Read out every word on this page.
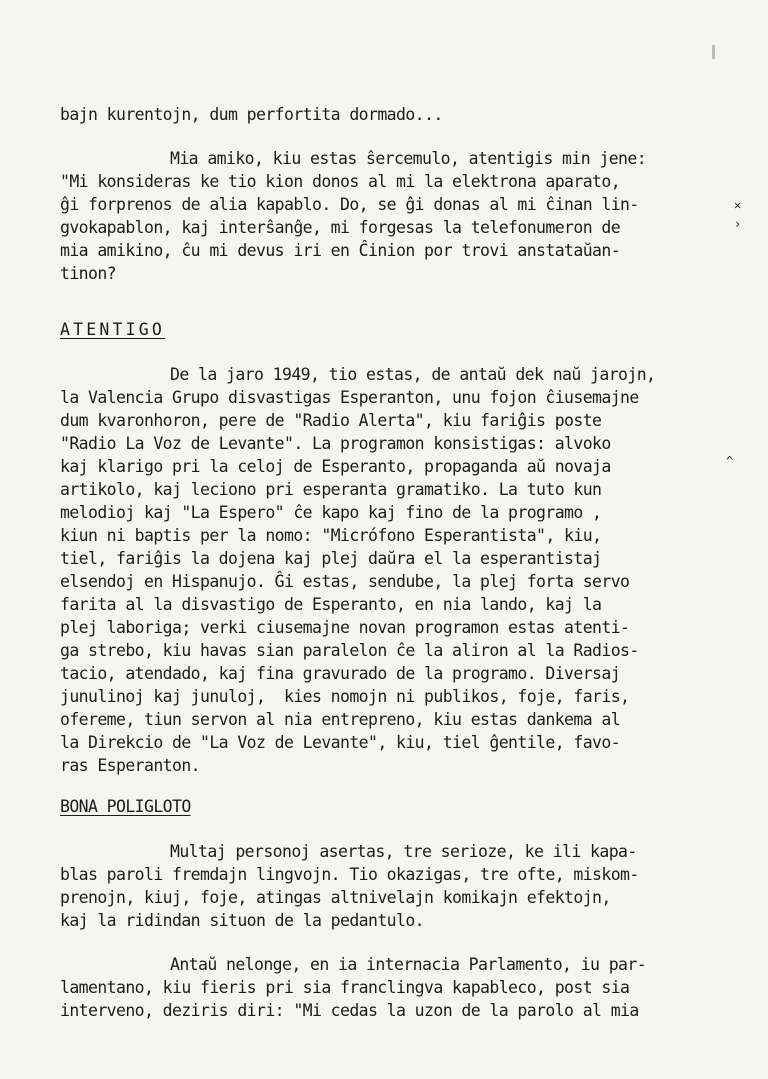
bajn kurentojn, dum perfortita dormado...
Mia amiko, kiu estas ŝercemulo, atentigis min jene:
"Mi konsideras ke tio kion donos al mi la elektrona aparato,
ĝi forprenos de alia kapablo. Do, se ĝi donas al mi ĉinan lin-
gvokapablon, kaj interŝanĝe, mi forgesas la telefonumeron de
mia amikino, ĉu mi devus iri en Ĉinion por trovi anstataŭan-
tinon?
ATENTIGO
De la jaro 1949, tio estas, de antaŭ dek naŭ jarojn,
la Valencia Grupo disvastigas Esperanton, unu fojon ĉiusemajne
dum kvaronhoron, pere de "Radio Alerta", kiu fariĝis poste
"Radio La Voz de Levante". La programon konsistigas: alvoko
kaj klarigo pri la celoj de Esperanto, propaganda aŭ novaja
artikolo, kaj leciono pri esperanta gramatiko. La tuto kun
melodioj kaj "La Espero" ĉe kapo kaj fino de la programo ,
kiun ni baptis per la nomo: "Micrófono Esperantista", kiu,
tiel, fariĝis la dojena kaj plej daŭra el la esperantistaj
elsendoj en Hispanujo. Ĝi estas, sendube, la plej forta servo
farita al la disvastigo de Esperanto, en nia lando, kaj la
plej laboriga; verki ciusemajne novan programon estas atenti-
ga strebo, kiu havas sian paralelon ĉe la aliron al la Radios-
tacio, atendado, kaj fina gravurado de la programo. Diversaj
junulinoj kaj junuloj,  kies nomojn ni publikos, foje, faris,
ofereme, tiun servon al nia entrepreno, kiu estas dankema al
la Direkcio de "La Voz de Levante", kiu, tiel ĝentile, favo-
ras Esperanton.
BONA POLIGLOTO
Multaj personoj asertas, tre serioze, ke ili kapa-
blas paroli fremdajn lingvojn. Tio okazigas, tre ofte, miskom-
prenojn, kiuj, foje, atingas altnivelajn komikajn efektojn,
kaj la ridindan situon de la pedantulo.
Antaŭ nelonge, en ia internacia Parlamento, iu par-
lamentano, kiu fieris pri sia franclingva kapableco, post sia
interveno, deziris diri: "Mi cedas la uzon de la parolo al mia
✕
›
^
